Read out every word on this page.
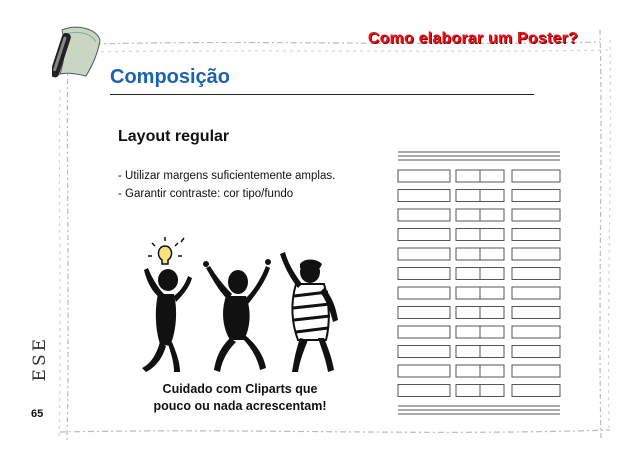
Como elaborar um Poster?
Composição
Layout regular
- Utilizar margens suficientemente amplas.
- Garantir contraste: cor tipo/fundo
Cuidado com Cliparts que
pouco ou nada acrescentam!
ESE
65
